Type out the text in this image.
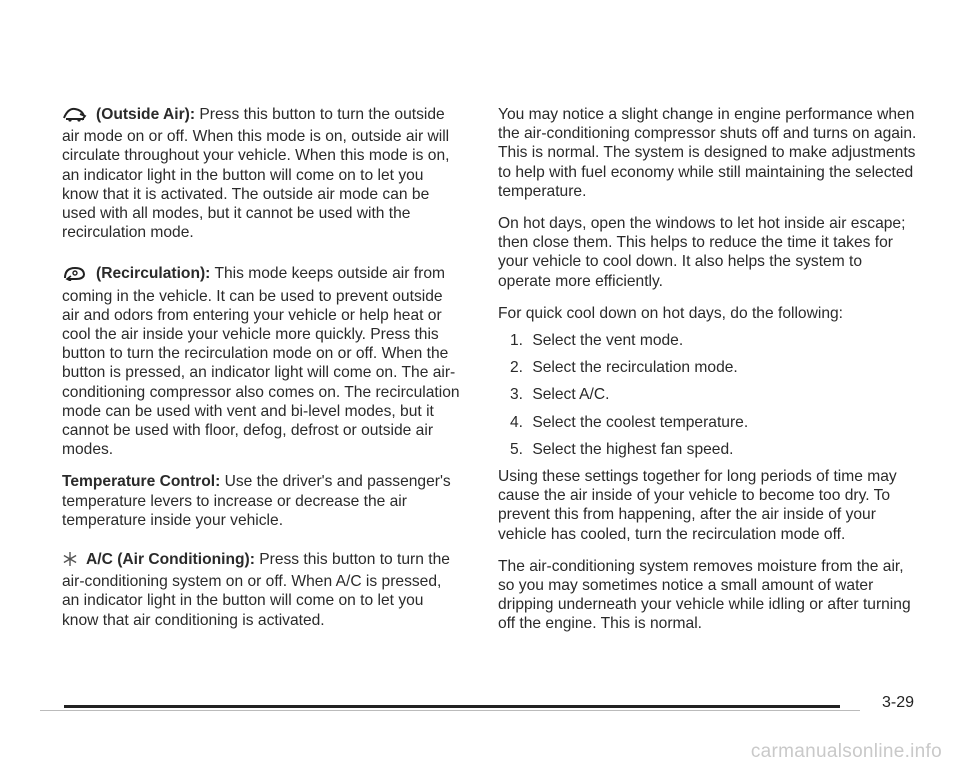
(Outside Air): Press this button to turn the outside air mode on or off. When this mode is on, outside air will circulate throughout your vehicle. When this mode is on, an indicator light in the button will come on to let you know that it is activated. The outside air mode can be used with all modes, but it cannot be used with the recirculation mode.

(Recirculation): This mode keeps outside air from coming in the vehicle. It can be used to prevent outside air and odors from entering your vehicle or help heat or cool the air inside your vehicle more quickly. Press this button to turn the recirculation mode on or off. When the button is pressed, an indicator light will come on. The air-conditioning compressor also comes on. The recirculation mode can be used with vent and bi-level modes, but it cannot be used with floor, defog, defrost or outside air modes.

Temperature Control: Use the driver's and passenger's temperature levers to increase or decrease the air temperature inside your vehicle.

A/C (Air Conditioning): Press this button to turn the air-conditioning system on or off. When A/C is pressed, an indicator light in the button will come on to let you know that air conditioning is activated.

You may notice a slight change in engine performance when the air-conditioning compressor shuts off and turns on again. This is normal. The system is designed to make adjustments to help with fuel economy while still maintaining the selected temperature.

On hot days, open the windows to let hot inside air escape; then close them. This helps to reduce the time it takes for your vehicle to cool down. It also helps the system to operate more efficiently.

For quick cool down on hot days, do the following:

1. Select the vent mode.
2. Select the recirculation mode.
3. Select A/C.
4. Select the coolest temperature.
5. Select the highest fan speed.

Using these settings together for long periods of time may cause the air inside of your vehicle to become too dry. To prevent this from happening, after the air inside of your vehicle has cooled, turn the recirculation mode off.

The air-conditioning system removes moisture from the air, so you may sometimes notice a small amount of water dripping underneath your vehicle while idling or after turning off the engine. This is normal.

3-29
carmanualsonline.info
